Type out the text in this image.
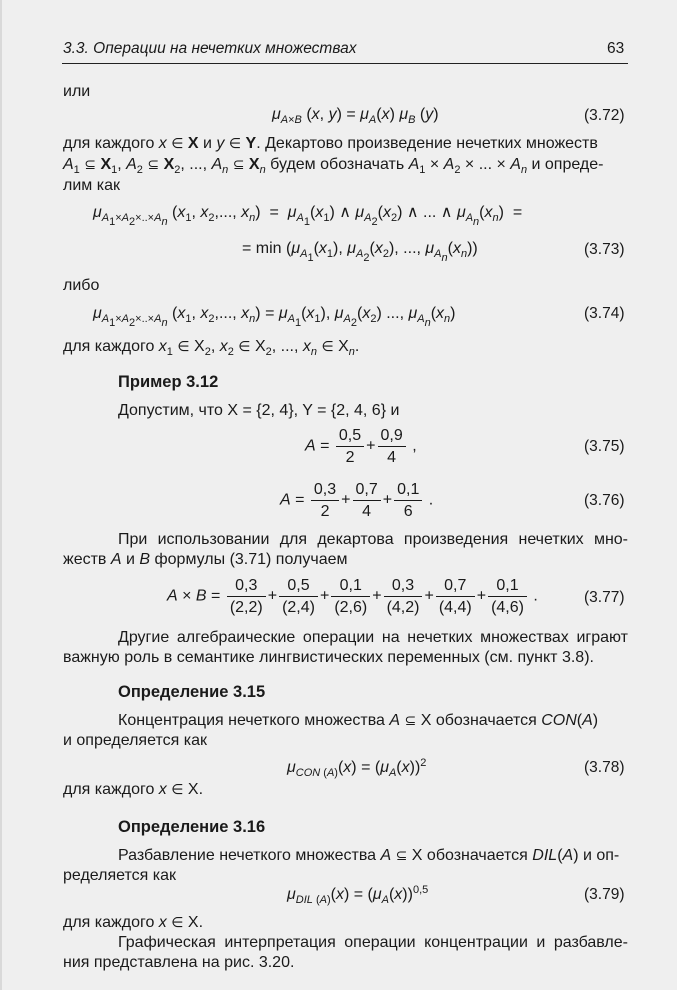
3.3. Операции на нечетких множествах	63
или
$\mu_{A\times B}$ (x, $y) = \mu_A(x)$ $\mu_B$ (y)	(3.72)
для каждого x ∈ X и y ∈ Y. Декартово произведение нечетких множеств
$A_1$ ⊆ $X_1$, $A_2$ ⊆ $X_2$, ..., $A_n$ ⊆ $X_n$ будем обозначать $A_1 \times A_2$ × ... × $A_n$ и опреде-
лим как
$\mu_{A_1\times A_2\times..\times A_n}$ ($x_1$, $x_2$,..., $x_n) = \mu_{A_1}(x_1)$ ∧ $\mu_{A_2}(x_2)$ ∧ ... ∧ $\mu_{A_n}(x_n)$  =
= $\min (\mu_{A_1}(x_1)$, $\mu_{A_2}(x_2)$, ..., $\mu_{A_n}(x_n)$)	(3.73)
либо
$\mu_{A_1\times A_2\times..\times A_n}$ ($x_1$, $x_2$,..., $x_n) = \mu_{A_1}(x_1)$, $\mu_{A_2}(x_2)$ ..., $\mu_{A_n}(x_n)$	(3.74)
для каждого $x_1$ ∈ $X_2$, $x_2$ ∈ $X_2$, ..., $x_n$ ∈ $X_n$.
Пример 3.12
Допустим, что X = {2, 4}, Y = {2, 4, 6} и
$A = \frac{0,5}{2} + \frac{0,9}{4}$ ,	(3.75)
$A = \frac{0,3}{2} + \frac{0,7}{4} + \frac{0,1}{6}$ .	(3.76)
При использовании для декартова произведения нечетких мно-
жеств A и B формулы (3.71) получаем
$A \times B = \frac{0,3}{(2,2)} + \frac{0,5}{(2,4)} + \frac{0,1}{(2,6)} + \frac{0,3}{(4,2)} + \frac{0,7}{(4,4)} + \frac{0,1}{(4,6)}$ .	(3.77)
Другие алгебраические операции на нечетких множествах играют
важную роль в семантике лингвистических переменных (см. пункт 3.8).
Определение 3.15
Концентрация нечеткого множества A ⊆ X обозначается CON(A)
и определяется как
$\mu_{CON (A)}(x) = (\mu_A(x))^2$	(3.78)
для каждого x ∈ X.
Определение 3.16
Разбавление нечеткого множества A ⊆ X обозначается DIL(A) и оп-
ределяется как
$\mu_{DIL (A)}(x) = (\mu_A(x))^{0,5}$	(3.79)
для каждого x ∈ X.
Графическая интерпретация операции концентрации и разбавле-
ния представлена на рис. 3.20.
